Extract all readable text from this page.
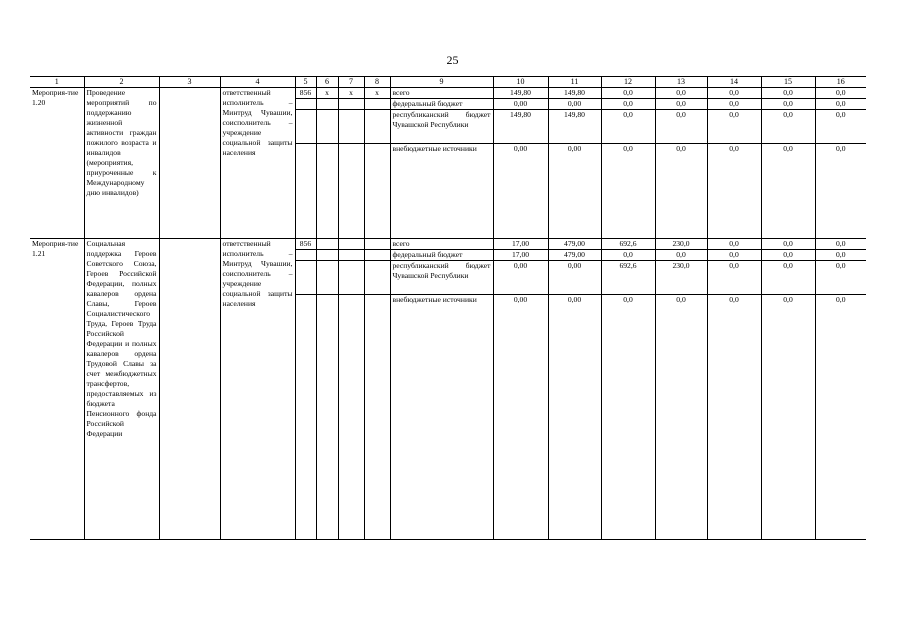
25
1	2	3	4	5	6	7	8	9	10	11	12	13	14	15	16
Мероприя-тие 1.20	Проведение мероприятий по поддержанию жизненной активности граждан пожилого возраста и инвалидов (мероприятия, приуроченные к Международному дню инвалидов)		ответственный исполнитель – Минтруд Чувашии, соисполнитель – учреждение социальной защиты населения	856	x	x	x	всего	149,80	149,80	0,0	0,0	0,0	0,0	0,0
								федеральный бюджет	0,00	0,00	0,0	0,0	0,0	0,0	0,0
								республиканский бюджет Чувашской Республики	149,80	149,80	0,0	0,0	0,0	0,0	0,0
								внебюджетные источники	0,00	0,00	0,0	0,0	0,0	0,0	0,0
Мероприя-тие 1.21	Социальная поддержка Героев Советского Союза, Героев Российской Федерации, полных кавалеров ордена Славы, Героев Социалистического Труда, Героев Труда Российской Федерации и полных кавалеров ордена Трудовой Славы за счет межбюджетных трансфертов, предоставляемых из бюджета Пенсионного фонда Российской Федерации		ответственный исполнитель – Минтруд Чувашии, соисполнитель – учреждение социальной защиты населения	856				всего	17,00	479,00	692,6	230,0	0,0	0,0	0,0
								федеральный бюджет	17,00	479,00	0,0	0,0	0,0	0,0	0,0
								республиканский бюджет Чувашской Республики	0,00	0,00	692,6	230,0	0,0	0,0	0,0
								внебюджетные источники	0,00	0,00	0,0	0,0	0,0	0,0	0,0
